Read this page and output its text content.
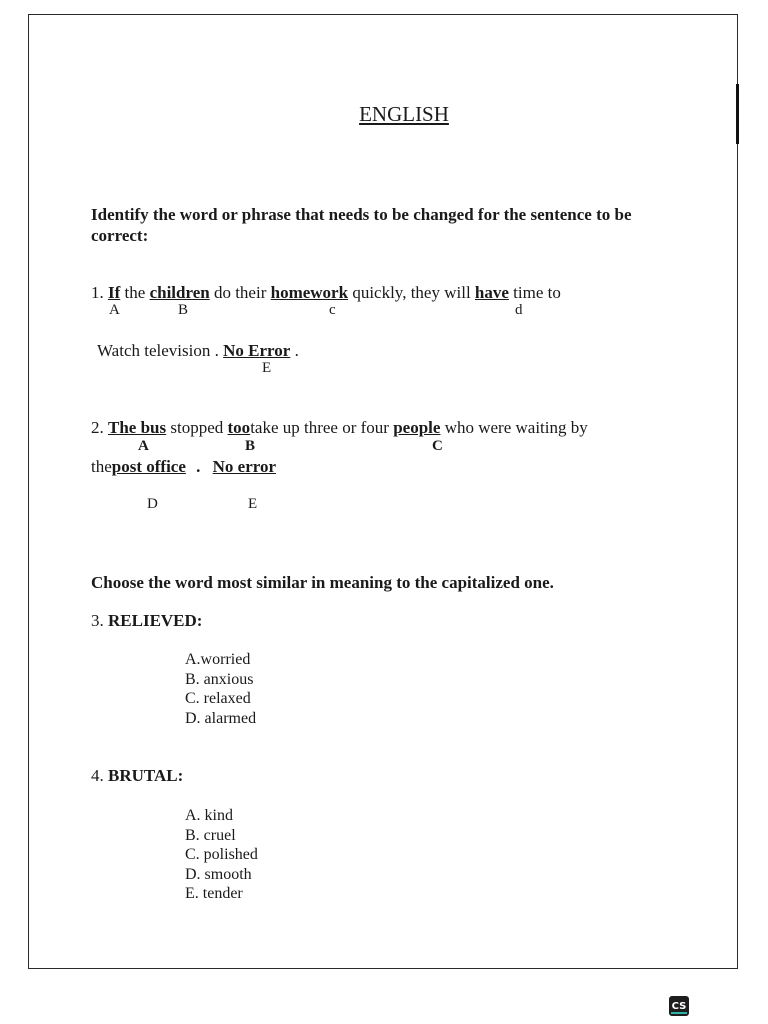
ENGLISH
Identify the word or phrase that needs to be changed for the sentence to be correct:
1. If the children do their homework quickly, they will have time to
A	B	c	d
Watch television . No Error .
E
2. The bus stopped tootake up three or four people who were waiting by
A	B	C
thepost office . No error
D	E
Choose the word most similar in meaning to the capitalized one.
3. RELIEVED:
A.worried
B. anxious
C. relaxed
D. alarmed
4. BRUTAL:
A. kind
B. cruel
C. polished
D. smooth
E. tender
CS
